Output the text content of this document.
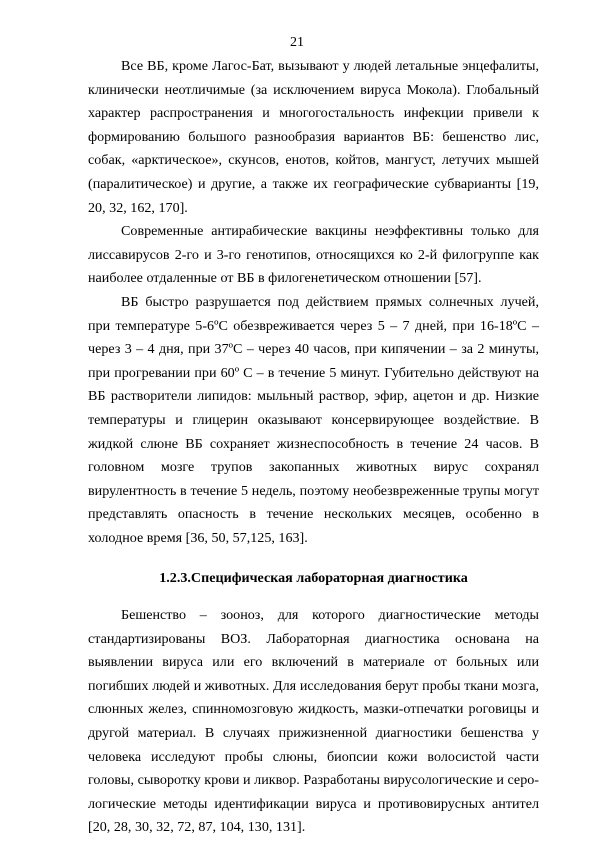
21

Все ВБ, кроме Лагос-Бат, вызывают у людей летальные энцефалиты, клинически неотличимые (за исключением вируса Мокола). Глобальный характер распространения и многогостальность инфекции привели к формированию большого разнообразия вариантов ВБ: бешенство лис, собак, «арктическое», скунсов, енотов, койтов, мангуст, летучих мышей (паралитическое) и другие, а также их географические субварианты [19, 20, 32, 162, 170].

Современные антирабические вакцины неэффективны только для лиссавирусов 2-го и 3-го генотипов, относящихся ко 2-й филогруппе как наиболее отдаленные от ВБ в филогенетическом отношении [57].

ВБ быстро разрушается под действием прямых солнечных лучей, при температуре 5-6ºС обезвреживается через 5 – 7 дней, при 16-18ºС – через 3 – 4 дня, при 37ºС – через 40 часов, при кипячении – за 2 минуты, при прогревании при 60º С – в течение 5 минут. Губительно действуют на ВБ растворители липидов: мыльный раствор, эфир, ацетон и др. Низкие температуры и глицерин оказывают консервирующее воздействие. В жидкой слюне ВБ сохраняет жизнеспособность в течение 24 часов. В головном мозге трупов закопанных животных вирус сохранял вирулентность в течение 5 недель, поэтому необезвреженные трупы могут представлять опасность в течение нескольких месяцев, особенно в холодное время [36, 50, 57,125, 163].

1.2.3.Специфическая лабораторная диагностика

Бешенство – зооноз, для которого диагностические методы стандартизированы ВОЗ. Лабораторная диагностика основана на выявлении вируса или его включений в материале от больных или погибших людей и животных. Для исследования берут пробы ткани мозга, слюнных желез, спинномозговую жидкость, мазки-отпечатки роговицы и другой материал. В случаях прижизненной диагностики бешенства у человека исследуют пробы слюны, биопсии кожи волосистой части головы, сыворотку крови и ликвор. Разработаны вирусологические и серологические методы идентификации вируса и противовирусных антител [20, 28, 30, 32, 72, 87, 104, 130, 131].
